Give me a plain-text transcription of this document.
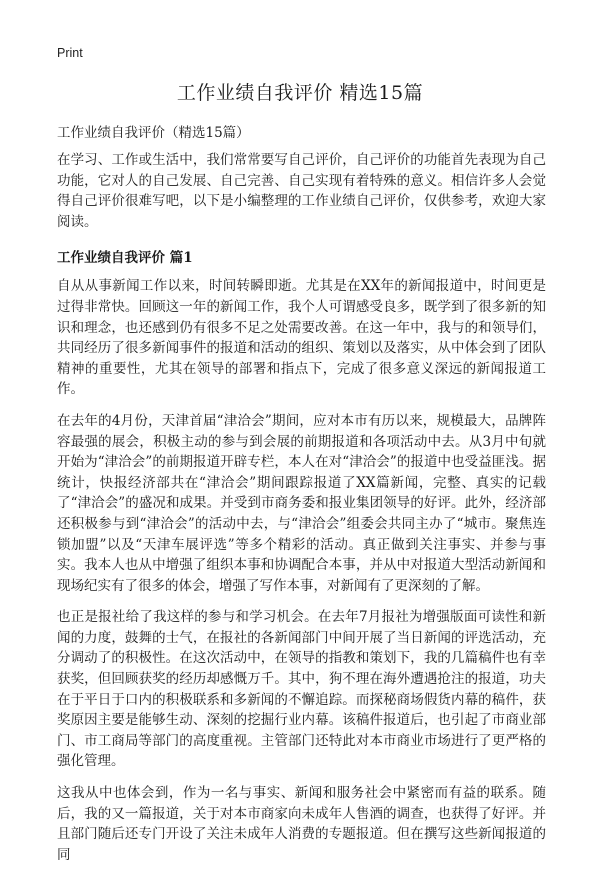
Print
工作业绩自我评价 精选15篇

工作业绩自我评价（精选15篇）

在学习、工作或生活中，我们常常要写自己评价，自己评价的功能首先表现为自己功能，它对人的自己发展、自己完善、自己实现有着特殊的意义。相信许多人会觉得自己评价很难写吧，以下是小编整理的工作业绩自己评价，仅供参考，欢迎大家阅读。

工作业绩自我评价 篇1

自从从事新闻工作以来，时间转瞬即逝。尤其是在XX年的新闻报道中，时间更是过得非常快。回顾这一年的新闻工作，我个人可谓感受良多，既学到了很多新的知识和理念，也还感到仍有很多不足之处需要改善。在这一年中，我与的和领导们，共同经历了很多新闻事件的报道和活动的组织、策划以及落实，从中体会到了团队精神的重要性，尤其在领导的部署和指点下，完成了很多意义深远的新闻报道工作。

在去年的4月份，天津首届“津洽会”期间，应对本市有历以来，规模最大，品牌阵容最强的展会，积极主动的参与到会展的前期报道和各项活动中去。从3月中旬就开始为“津洽会”的前期报道开辟专栏，本人在对“津洽会”的报道中也受益匪浅。据统计，快报经济部共在“津洽会”期间跟踪报道了XX篇新闻，完整、真实的记载了“津洽会”的盛况和成果。并受到市商务委和报业集团领导的好评。此外，经济部还积极参与到“津洽会”的活动中去，与“津洽会”组委会共同主办了“城市。聚焦连锁加盟”以及“天津车展评选”等多个精彩的活动。真正做到关注事实、并参与事实。我本人也从中增强了组织本事和协调配合本事，并从中对报道大型活动新闻和现场纪实有了很多的体会，增强了写作本事，对新闻有了更深刻的了解。

也正是报社给了我这样的参与和学习机会。在去年7月报社为增强版面可读性和新闻的力度，鼓舞的士气，在报社的各新闻部门中间开展了当日新闻的评选活动，充分调动了的积极性。在这次活动中，在领导的指教和策划下，我的几篇稿件也有幸获奖，但回顾获奖的经历却感慨万千。其中，狗不理在海外遭遇抢注的报道，功夫在于平日于口内的积极联系和多新闻的不懈追踪。而探秘商场假货内幕的稿件，获奖原因主要是能够生动、深刻的挖掘行业内幕。该稿件报道后，也引起了市商业部门、市工商局等部门的高度重视。主管部门还特此对本市商业市场进行了更严格的强化管理。

这我从中也体会到，作为一名与事实、新闻和服务社会中紧密而有益的联系。随后，我的又一篇报道，关于对本市商家向未成年人售酒的调查，也获得了好评。并且部门随后还专门开设了关注未成年人消费的专题报道。但在撰写这些新闻报道的同
